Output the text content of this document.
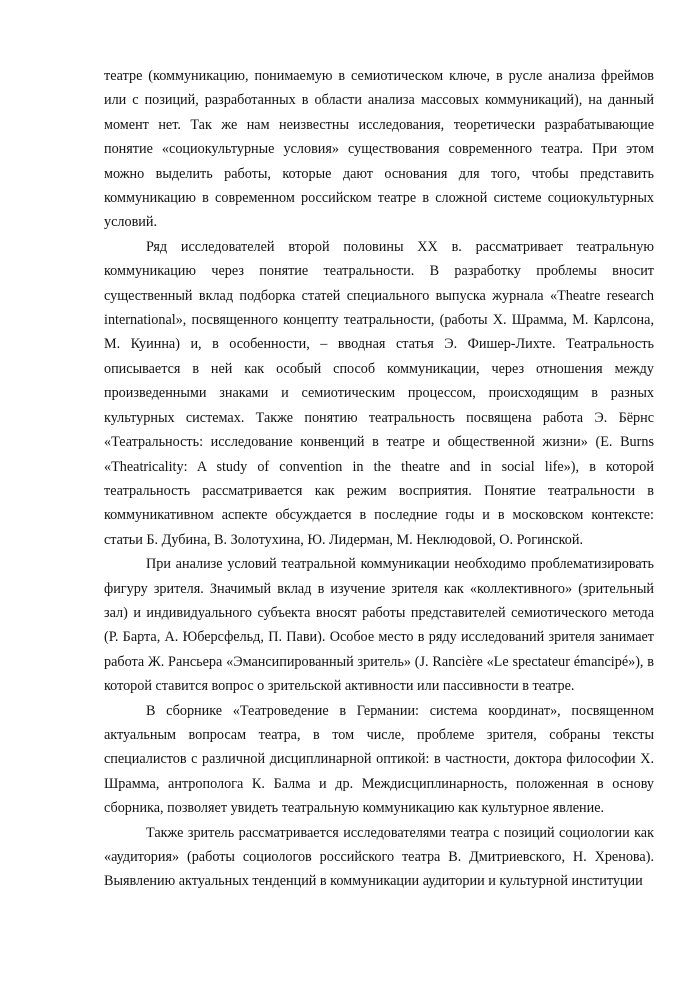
театре (коммуникацию, понимаемую в семиотическом ключе, в русле анализа фреймов или с позиций, разработанных в области анализа массовых коммуникаций), на данный момент нет. Так же нам неизвестны исследования, теоретически разрабатывающие понятие «социокультурные условия» существования современного театра. При этом можно выделить работы, которые дают основания для того, чтобы представить коммуникацию в современном российском театре в сложной системе социокультурных условий.

Ряд исследователей второй половины XX в. рассматривает театральную коммуникацию через понятие театральности. В разработку проблемы вносит существенный вклад подборка статей специального выпуска журнала «Theatre research international», посвященного концепту театральности, (работы Х. Шрамма, М. Карлсона, М. Куинна) и, в особенности, – вводная статья Э. Фишер-Лихте. Театральность описывается в ней как особый способ коммуникации, через отношения между произведенными знаками и семиотическим процессом, происходящим в разных культурных системах. Также понятию театральность посвящена работа Э. Бёрнс «Театральность: исследование конвенций в театре и общественной жизни» (E. Burns «Theatricality: A study of convention in the theatre and in social life»), в которой театральность рассматривается как режим восприятия. Понятие театральности в коммуникативном аспекте обсуждается в последние годы и в московском контексте: статьи Б. Дубина, В. Золотухина, Ю. Лидерман, М. Неклюдовой, О. Рогинской.

При анализе условий театральной коммуникации необходимо проблематизировать фигуру зрителя. Значимый вклад в изучение зрителя как «коллективного» (зрительный зал) и индивидуального субъекта вносят работы представителей семиотического метода (Р. Барта, А. Юберсфельд, П. Пави). Особое место в ряду исследований зрителя занимает работа Ж. Рансьера «Эмансипированный зритель» (J. Rancière «Le spectateur émancipé»), в которой ставится вопрос о зрительской активности или пассивности в театре.

В сборнике «Театроведение в Германии: система координат», посвященном актуальным вопросам театра, в том числе, проблеме зрителя, собраны тексты специалистов с различной дисциплинарной оптикой: в частности, доктора философии Х. Шрамма, антрополога К. Балма и др. Междисциплинарность, положенная в основу сборника, позволяет увидеть театральную коммуникацию как культурное явление.

Также зритель рассматривается исследователями театра с позиций социологии как «аудитория» (работы социологов российского театра В. Дмитриевского, Н. Хренова). Выявлению актуальных тенденций в коммуникации аудитории и культурной институции
